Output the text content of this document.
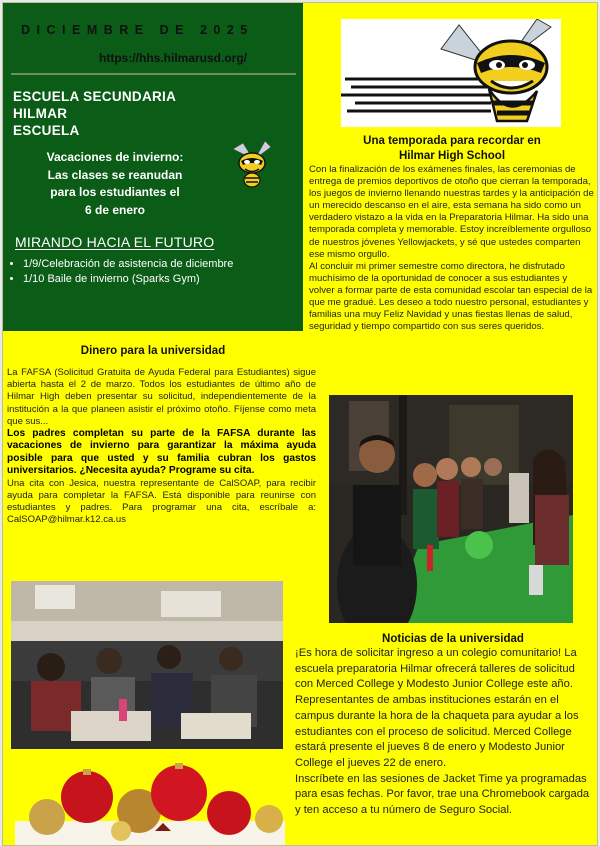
DICIEMBRE DE 2025
https://hhs.hilmarusd.org/
ESCUELA SECUNDARIA
HILMAR
ESCUELA
Vacaciones de invierno:
Las clases se reanudan
para los estudiantes el
6 de enero
MIRANDO HACIA EL FUTURO
• 1/9/Celebración de asistencia de diciembre
• 1/10 Baile de invierno (Sparks Gym)
Una temporada para recordar en
Hilmar High School

Con la finalización de los exámenes finales, las ceremonias de entrega de premios deportivos de otoño que cierran la temporada, los juegos de invierno llenando nuestras tardes y la anticipación de un merecido descanso en el aire, esta semana ha sido como un verdadero vistazo a la vida en la Preparatoria Hilmar. Ha sido una temporada completa y memorable. Estoy increíblemente orgulloso de nuestros jóvenes Yellowjackets, y sé que ustedes comparten ese mismo orgullo.

Al concluir mi primer semestre como directora, he disfrutado muchísimo de la oportunidad de conocer a sus estudiantes y volver a formar parte de esta comunidad escolar tan especial de la que me gradué. Les deseo a todo nuestro personal, estudiantes y familias una muy Feliz Navidad y unas fiestas llenas de salud, seguridad y tiempo compartido con sus seres queridos.

Dinero para la universidad

La FAFSA (Solicitud Gratuita de Ayuda Federal para Estudiantes) sigue abierta hasta el 2 de marzo. Todos los estudiantes de último año de Hilmar High deben presentar su solicitud, independientemente de la institución a la que planeen asistir el próximo otoño. Fíjense como meta que sus...

Los padres completan su parte de la FAFSA durante las vacaciones de invierno para garantizar la máxima ayuda posible para que usted y su familia cubran los gastos universitarios. ¿Necesita ayuda? Programe su cita.

Una cita con Jesica, nuestra representante de CalSOAP, para recibir ayuda para completar la FAFSA. Está disponible para reunirse con estudiantes y padres. Para programar una cita, escríbale a: CalSOAP@hilmar.k12.ca.us

Noticias de la universidad

¡Es hora de solicitar ingreso a un colegio comunitario! La escuela preparatoria Hilmar ofrecerá talleres de solicitud con Merced College y Modesto Junior College este año. Representantes de ambas instituciones estarán en el campus durante la hora de la chaqueta para ayudar a los estudiantes con el proceso de solicitud. Merced College estará presente el jueves 8 de enero y Modesto Junior College el jueves 22 de enero.

Inscríbete en las sesiones de Jacket Time ya programadas para esas fechas. Por favor, trae una Chromebook cargada y ten acceso a tu número de Seguro Social.
